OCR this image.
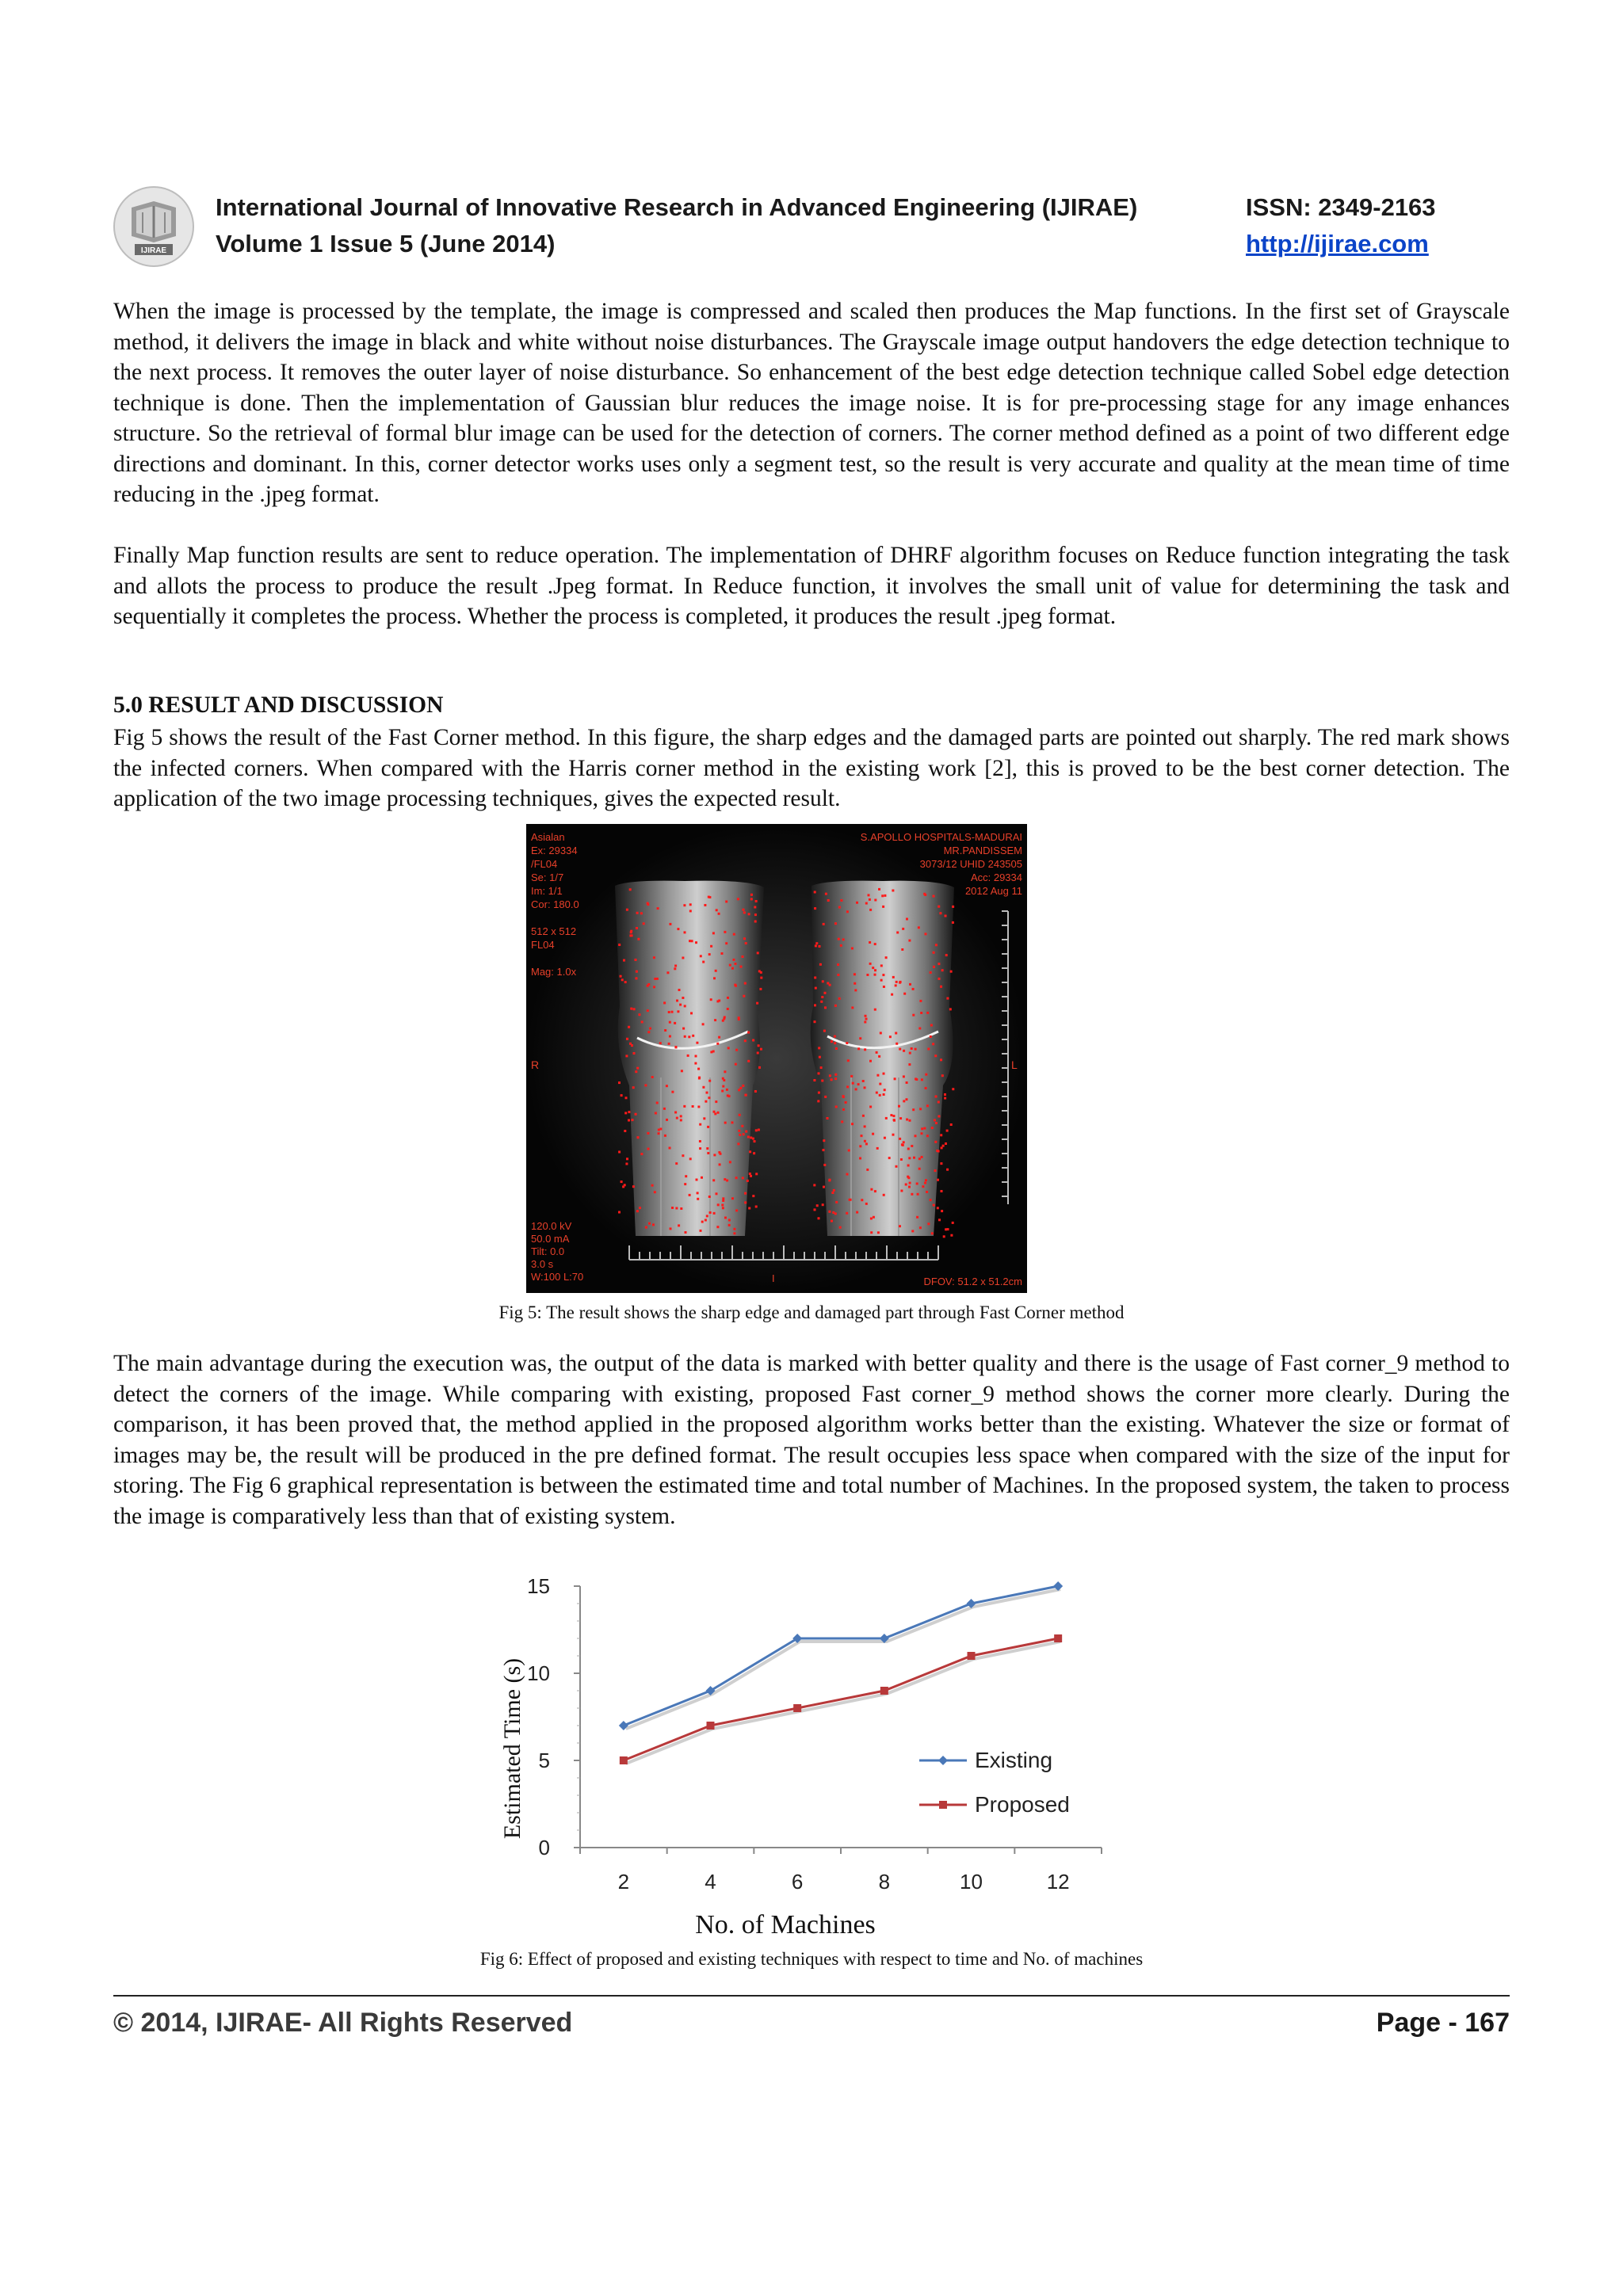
IJIRAE
International Journal of Innovative Research in Advanced Engineering (IJIRAE)
Volume 1 Issue 5 (June 2014)
ISSN: 2349-2163
http://ijirae.com

When the image is processed by the template, the image is compressed and scaled then produces the Map functions. In the first set of Grayscale method, it delivers the image in black and white without noise disturbances. The Grayscale image output handovers the edge detection technique to the next process. It removes the outer layer of noise disturbance. So enhancement of the best edge detection technique called Sobel edge detection technique is done. Then the implementation of Gaussian blur reduces the image noise. It is for pre-processing stage for any image enhances structure. So the retrieval of formal blur image can be used for the detection of corners. The corner method defined as a point of two different edge directions and dominant. In this, corner detector works uses only a segment test, so the result is very accurate and quality at the mean time of time reducing in the .jpeg format.

Finally Map function results are sent to reduce operation. The implementation of DHRF algorithm focuses on Reduce function integrating the task and allots the process to produce the result .Jpeg format. In Reduce function, it involves the small unit of value for determining the task and sequentially it completes the process. Whether the process is completed, it produces the result .jpeg format.

5.0 RESULT AND DISCUSSION

Fig 5 shows the result of the Fast Corner method. In this figure, the sharp edges and the damaged parts are pointed out sharply. The red mark shows the infected corners. When compared with the Harris corner method in the existing work [2], this is proved to be the best corner detection. The application of the two image processing techniques, gives the expected result.

Asialan
Ex: 29334
/FL04
Se: 1/7
Im: 1/1
Cor: 180.0

512 x 512
FL04

Mag: 1.0x
S.APOLLO HOSPITALS-MADURAI
MR.PANDISSEM
3073/12 UHID 243505
Acc: 29334
2012 Aug 11
R	L
120.0 kV
50.0 mA
Tilt: 0.0
3.0 s
W:100 L:70	I	DFOV: 51.2 x 51.2cm
Fig 5: The result shows the sharp edge and damaged part through Fast Corner method

The main advantage during the execution was, the output of the data is marked with better quality and there is the usage of Fast corner_9 method to detect the corners of the image. While comparing with existing, proposed Fast corner_9 method shows the corner more clearly. During the comparison, it has been proved that, the method applied in the proposed algorithm works better than the existing. Whatever the size or format of images may be, the result will be produced in the pre defined format. The result occupies less space when compared with the size of the input for storing. The Fig 6 graphical representation is between the estimated time and total number of Machines. In the proposed system, the taken to process the image is comparatively less than that of existing system.

0
5
10
15
2	4	6	8	10	12
No. of Machines
Estimated Time (s)	Existing
Proposed
Fig 6: Effect of proposed and existing techniques with respect to time and No. of machines
© 2014, IJIRAE- All Rights Reserved	Page - 167
